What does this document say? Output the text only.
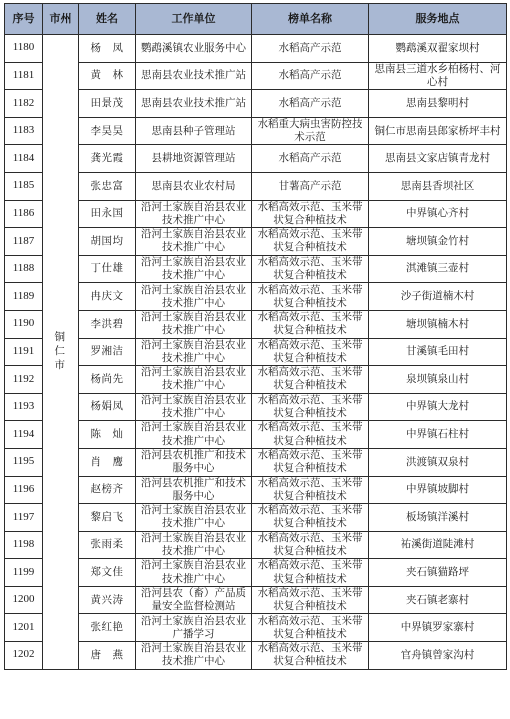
序号	市州	姓名	工作单位	榜单名称	服务地点
1180	铜仁市	杨　凤	鹦鹉溪镇农业服务中心	水稻高产示范	鹦鹉溪双翟家坝村
1181		黄　林	思南县农业技术推广站	水稻高产示范	思南县三道水乡柏杨村、河心村
1182		田景茂	思南县农业技术推广站	水稻高产示范	思南县黎明村
1183		李昊昊	思南县种子管理站	水稻重大病虫害防控技术示范	铜仁市思南县郎家桥坪丰村
1184		龚光霞	县耕地资源管理站	水稻高产示范	思南县文家店镇青龙村
1185		张忠富	思南县农业农村局	甘薯高产示范	思南县香坝社区
1186		田永国	沿河土家族自治县农业技术推广中心	水稻高效示范、玉米带状复合种植技术	中界镇心齐村
1187		胡国均	沿河土家族自治县农业技术推广中心	水稻高效示范、玉米带状复合种植技术	塘坝镇金竹村
1188		丁仕雄	沿河土家族自治县农业技术推广中心	水稻高效示范、玉米带状复合种植技术	淇滩镇三壶村
1189		冉庆文	沿河土家族自治县农业技术推广中心	水稻高效示范、玉米带状复合种植技术	沙子街道楠木村
1190		李洪碧	沿河土家族自治县农业技术推广中心	水稻高效示范、玉米带状复合种植技术	塘坝镇楠木村
1191		罗湘洁	沿河土家族自治县农业技术推广中心	水稻高效示范、玉米带状复合种植技术	甘溪镇毛田村
1192		杨尚先	沿河土家族自治县农业技术推广中心	水稻高效示范、玉米带状复合种植技术	泉坝镇泉山村
1193		杨娟凤	沿河土家族自治县农业技术推广中心	水稻高效示范、玉米带状复合种植技术	中界镇大龙村
1194		陈　灿	沿河土家族自治县农业技术推广中心	水稻高效示范、玉米带状复合种植技术	中界镇石柱村
1195		肖　鹰	沿河县农机推广和技术服务中心	水稻高效示范、玉米带状复合种植技术	洪渡镇双泉村
1196		赵榜齐	沿河县农机推广和技术服务中心	水稻高效示范、玉米带状复合种植技术	中界镇坡脚村
1197		黎启飞	沿河土家族自治县农业技术推广中心	水稻高效示范、玉米带状复合种植技术	板场镇洋溪村
1198		张雨柔	沿河土家族自治县农业技术推广中心	水稻高效示范、玉米带状复合种植技术	祐溪街道陡滩村
1199		郑文佳	沿河土家族自治县农业技术推广中心	水稻高效示范、玉米带状复合种植技术	夹石镇猫路坪
1200		黄兴涛	沿河县农（畜）产品质量安全监督检测站	水稻高效示范、玉米带状复合种植技术	夹石镇老寨村
1201		张红艳	沿河土家族自治县农业广播学习	水稻高效示范、玉米带状复合种植技术	中界镇罗家寨村
1202		唐　燕	沿河土家族自治县农业技术推广中心	水稻高效示范、玉米带状复合种植技术	官舟镇曾家沟村
